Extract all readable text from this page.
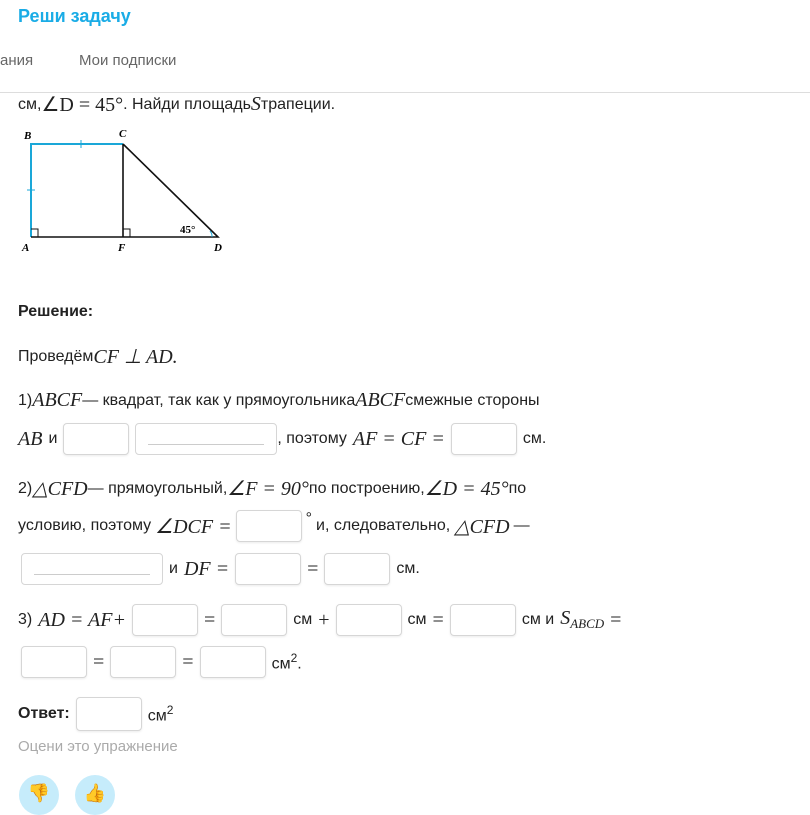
Реши задачу
ания	Мои подписки
см, ∠D = 45° . Найди площадь S трапеции.
B	C
A	F	D
45°
Решение:
Проведём CF ⊥ AD.
1) ABCF — квадрат, так как у прямоугольника ABCF смежные стороны
AB и	, поэтому AF = CF =	см.
2) △CFD — прямоугольный, ∠F = 90° по построению, ∠D = 45° по
условию, поэтому ∠DCF =	° и, следовательно, △CFD —
и DF =	=	см.
3) AD = AF+	=	см +	см =	см и $S_{ABCD}$ =
=	=	$см^2$.
Ответ:	$см^2$
Оцени это упражнение
👎 👍
